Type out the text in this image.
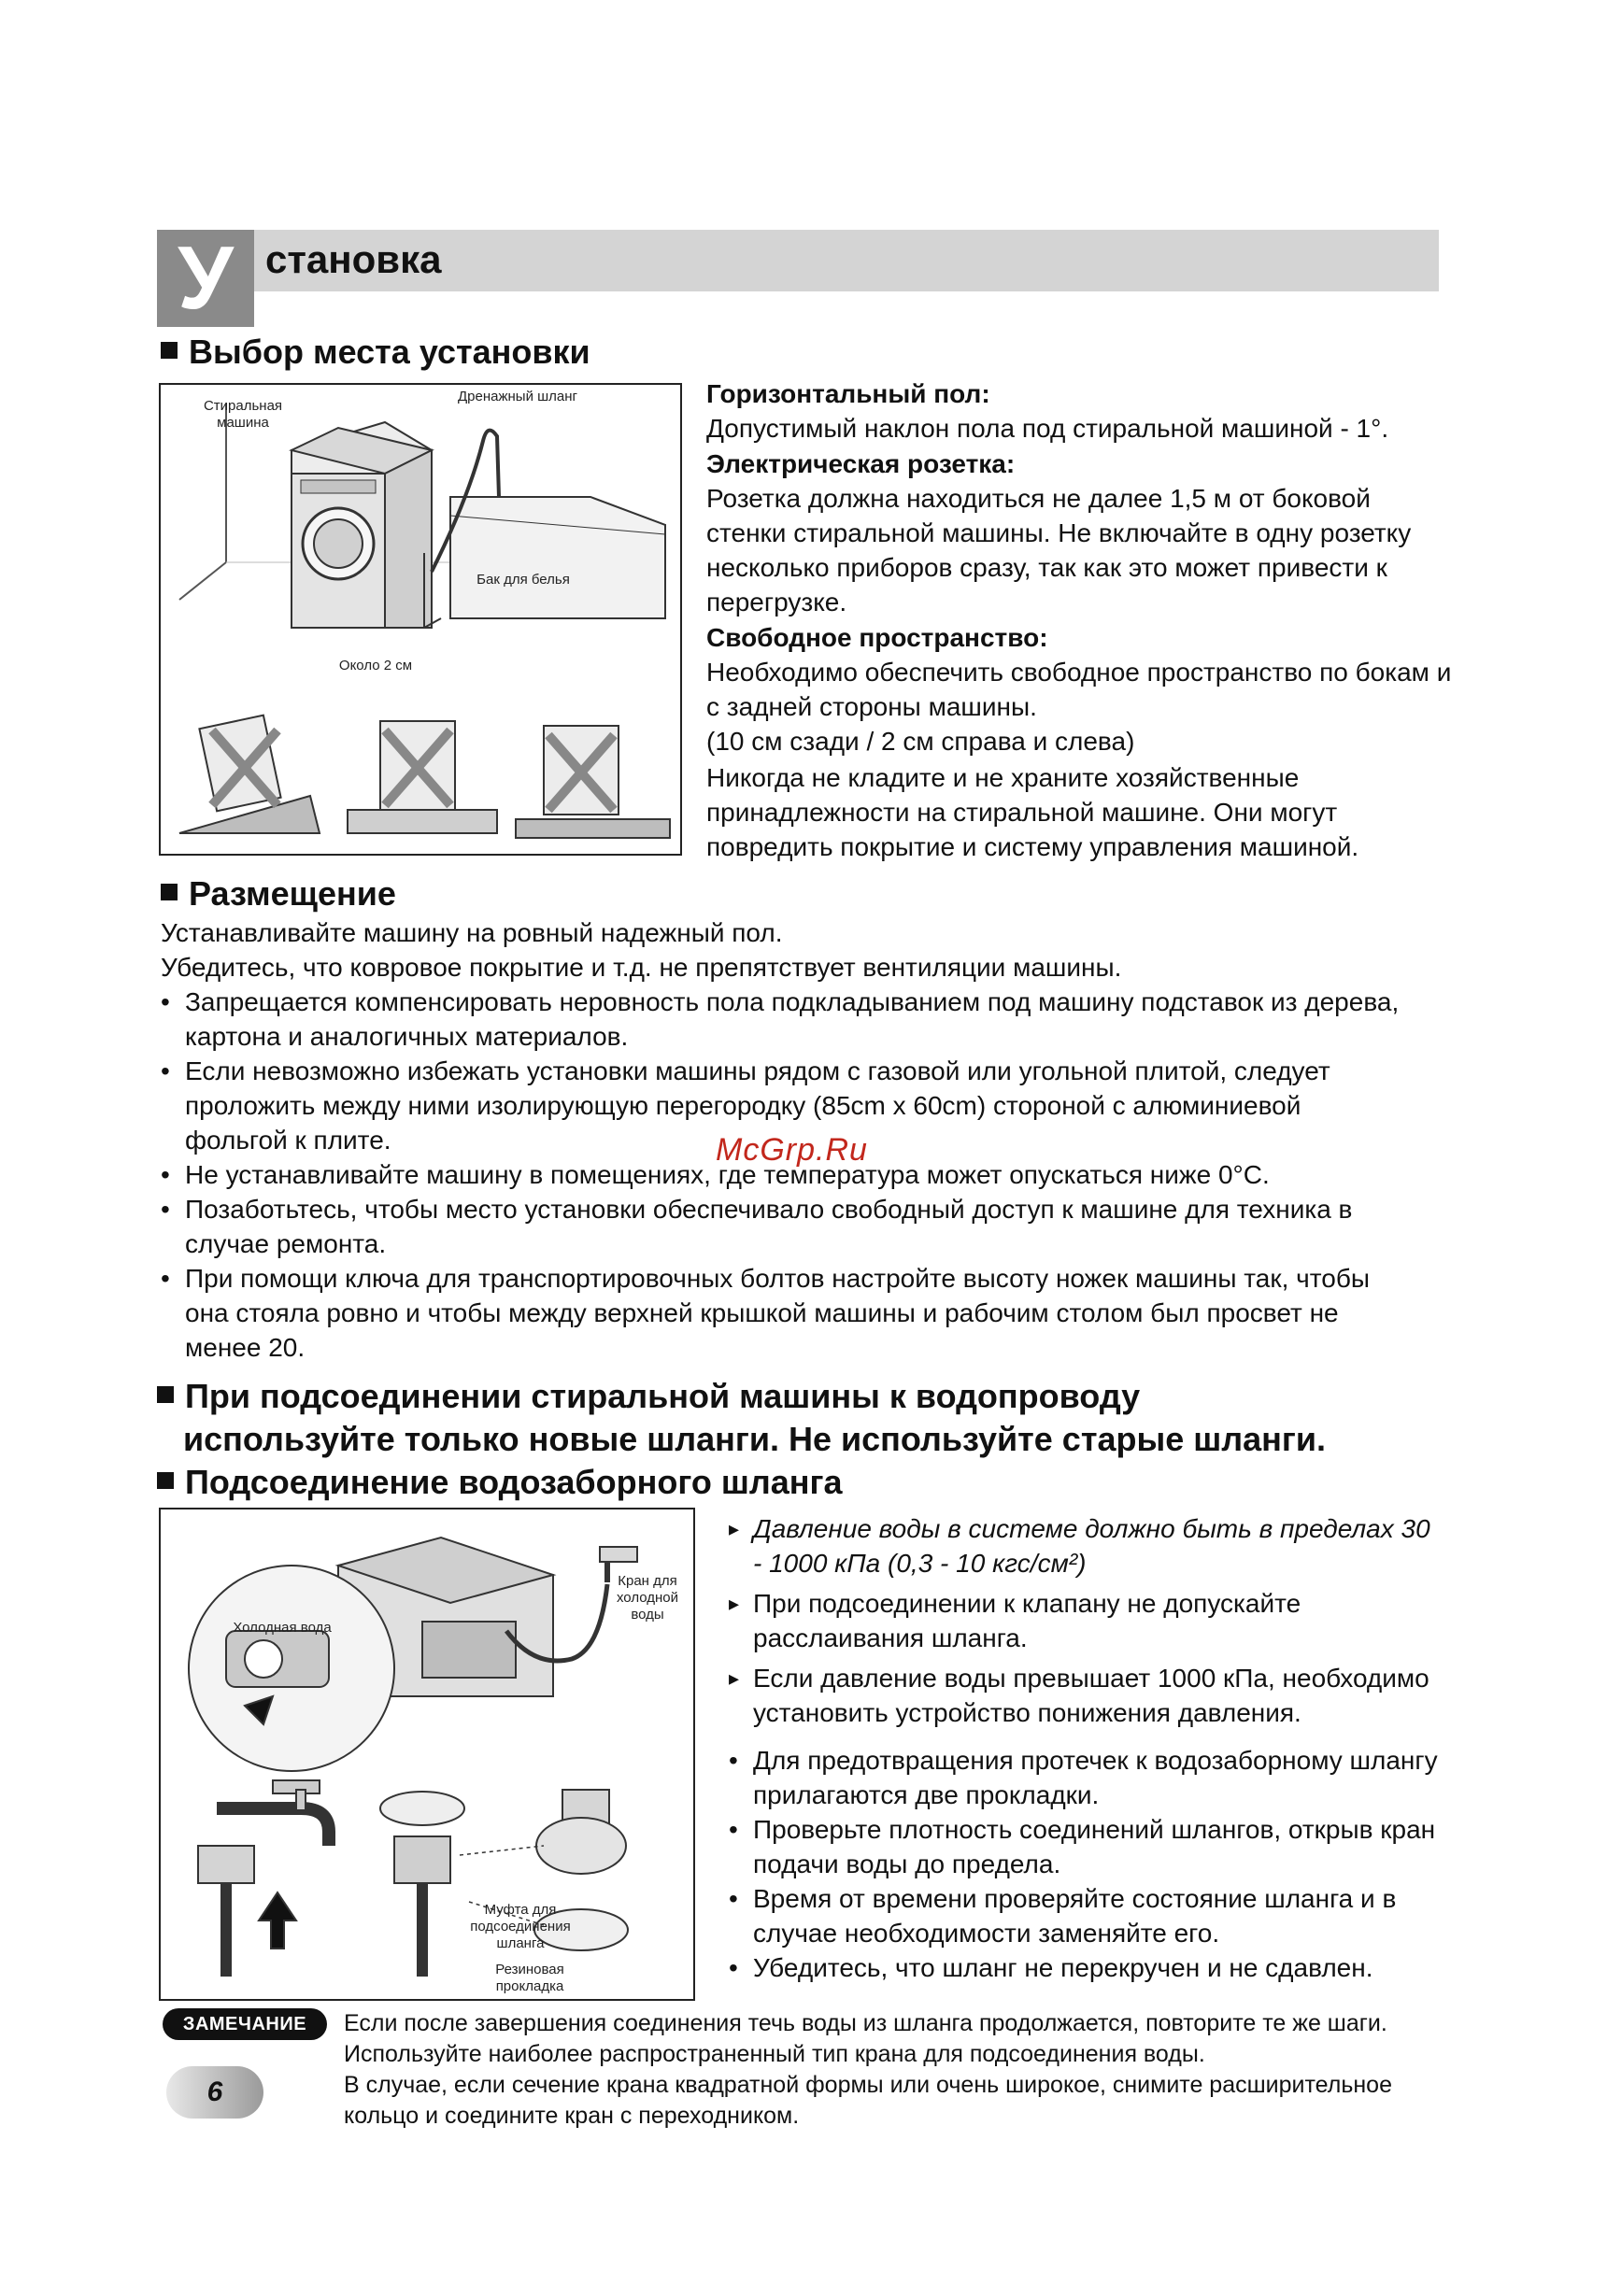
У становка
Выбор места установки
Стиральная машина
Дренажный шланг
Бак для белья
Около 2 см
Горизонтальный пол:
Допустимый наклон пола под стиральной машиной - 1°.
Электрическая розетка:
Розетка должна находиться не далее 1,5 м от боковой стенки стиральной машины. Не включайте в одну розетку несколько приборов сразу, так как это может привести к перегрузке.
Свободное пространство:
Необходимо обеспечить свободное пространство по бокам и с задней стороны машины.
(10 см сзади / 2 см справа и слева)
Никогда не кладите и не храните хозяйственные принадлежности на стиральной машине. Они могут повредить покрытие и систему управления машиной.
Размещение
Устанавливайте машину на ровный надежный пол.
Убедитесь, что ковровое покрытие и т.д. не препятствует вентиляции машины.
• Запрещается компенсировать неровность пола подкладыванием под машину подставок из дерева, картона и аналогичных материалов.
• Если невозможно избежать установки машины рядом с газовой или угольной плитой, следует проложить между ними изолирующую перегородку (85cm x 60cm) стороной с алюминиевой фольгой к плите.
• Не устанавливайте машину в помещениях, где температура может опускаться ниже 0°C.
• Позаботьтесь, чтобы место установки обеспечивало свободный доступ к машине для техника в случае ремонта.
• При помощи ключа для транспортировочных болтов настройте высоту ножек машины так, чтобы она стояла ровно и чтобы между верхней крышкой машины и рабочим столом был просвет не менее 20.
McGrp.Ru
При подсоединении стиральной машины к водопроводу
используйте только новые шланги. Не используйте старые шланги.
Подсоединение водозаборного шланга
Холодная вода
Кран для холодной воды
Муфта для подсоединения шланга
Резиновая прокладка
▸ Давление воды в системе должно быть в пределах 30 - 1000 кПа (0,3 - 10 кгс/см²)
▸ При подсоединении к клапану не допускайте расслаивания шланга.
▸ Если давление воды превышает 1000 кПа, необходимо установить устройство понижения давления.
• Для предотвращения протечек к водозаборному шлангу прилагаются две прокладки.
• Проверьте плотность соединений шлангов, открыв кран подачи воды до предела.
• Время от времени проверяйте состояние шланга и в случае необходимости заменяйте его.
• Убедитесь, что шланг не перекручен и не сдавлен.
ЗАМЕЧАНИЕ	Если после завершения соединения течь воды из шланга продолжается, повторите те же шаги. Используйте наиболее распространенный тип крана для подсоединения воды.
В случае, если сечение крана квадратной формы или очень широкое, снимите расширительное кольцо и соедините кран с переходником.
6
